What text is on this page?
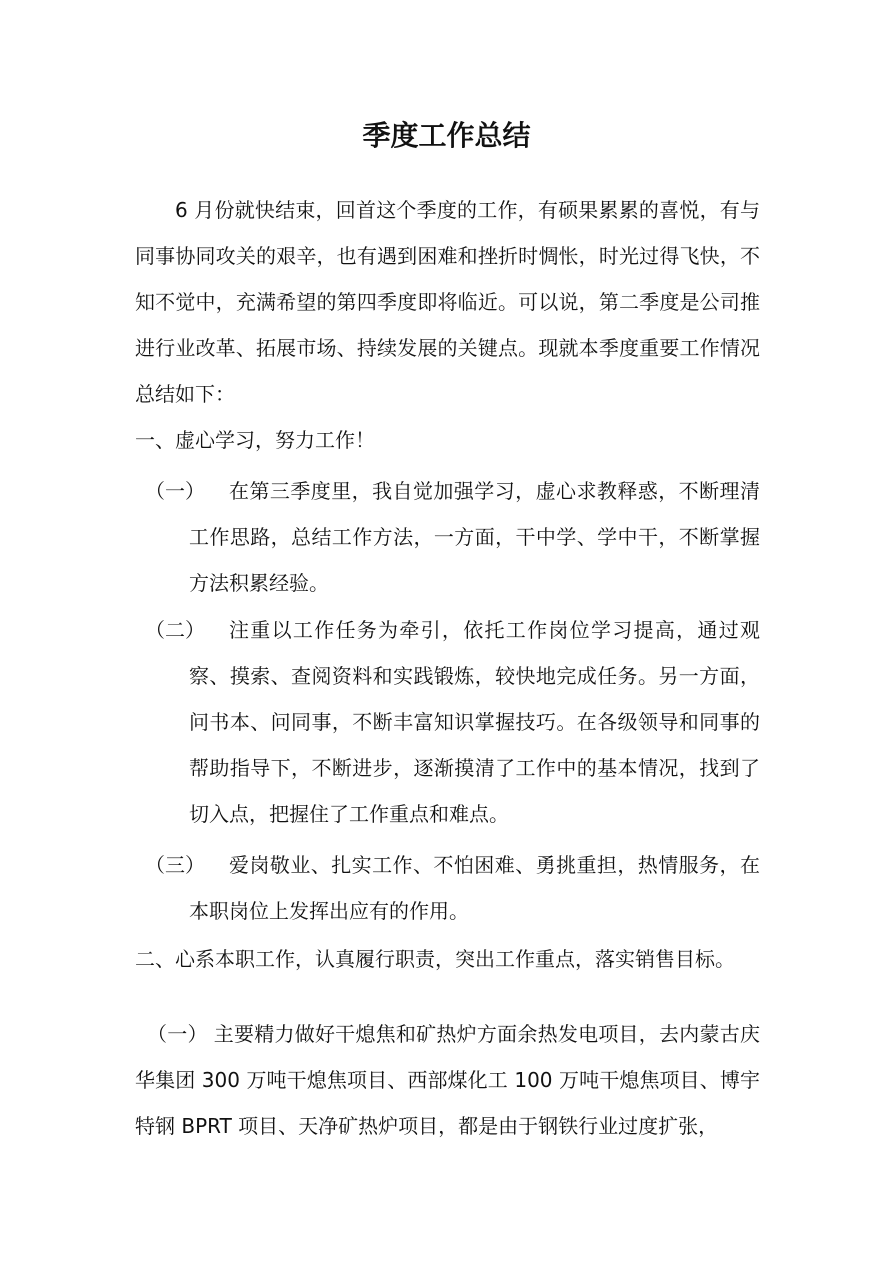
季度工作总结
6 月份就快结束，回首这个季度的工作，有硕果累累的喜悦，有与同事协同攻关的艰辛，也有遇到困难和挫折时惆怅，时光过得飞快，不知不觉中，充满希望的第四季度即将临近。可以说，第二季度是公司推进行业改革、拓展市场、持续发展的关键点。现就本季度重要工作情况总结如下：
一、虚心学习，努力工作！
（一）	在第三季度里，我自觉加强学习，虚心求教释惑，不断理清工作思路，总结工作方法，一方面，干中学、学中干，不断掌握方法积累经验。
（二）	注重以工作任务为牵引，依托工作岗位学习提高，通过观察、摸索、查阅资料和实践锻炼，较快地完成任务。另一方面，问书本、问同事，不断丰富知识掌握技巧。在各级领导和同事的帮助指导下，不断进步，逐渐摸清了工作中的基本情况，找到了切入点，把握住了工作重点和难点。
（三）	爱岗敬业、扎实工作、不怕困难、勇挑重担，热情服务，在本职岗位上发挥出应有的作用。
二、心系本职工作，认真履行职责，突出工作重点，落实销售目标。
（一） 主要精力做好干熄焦和矿热炉方面余热发电项目，去内蒙古庆华集团 300 万吨干熄焦项目、西部煤化工 100 万吨干熄焦项目、博宇特钢 BPRT 项目、天净矿热炉项目，都是由于钢铁行业过度扩张，
